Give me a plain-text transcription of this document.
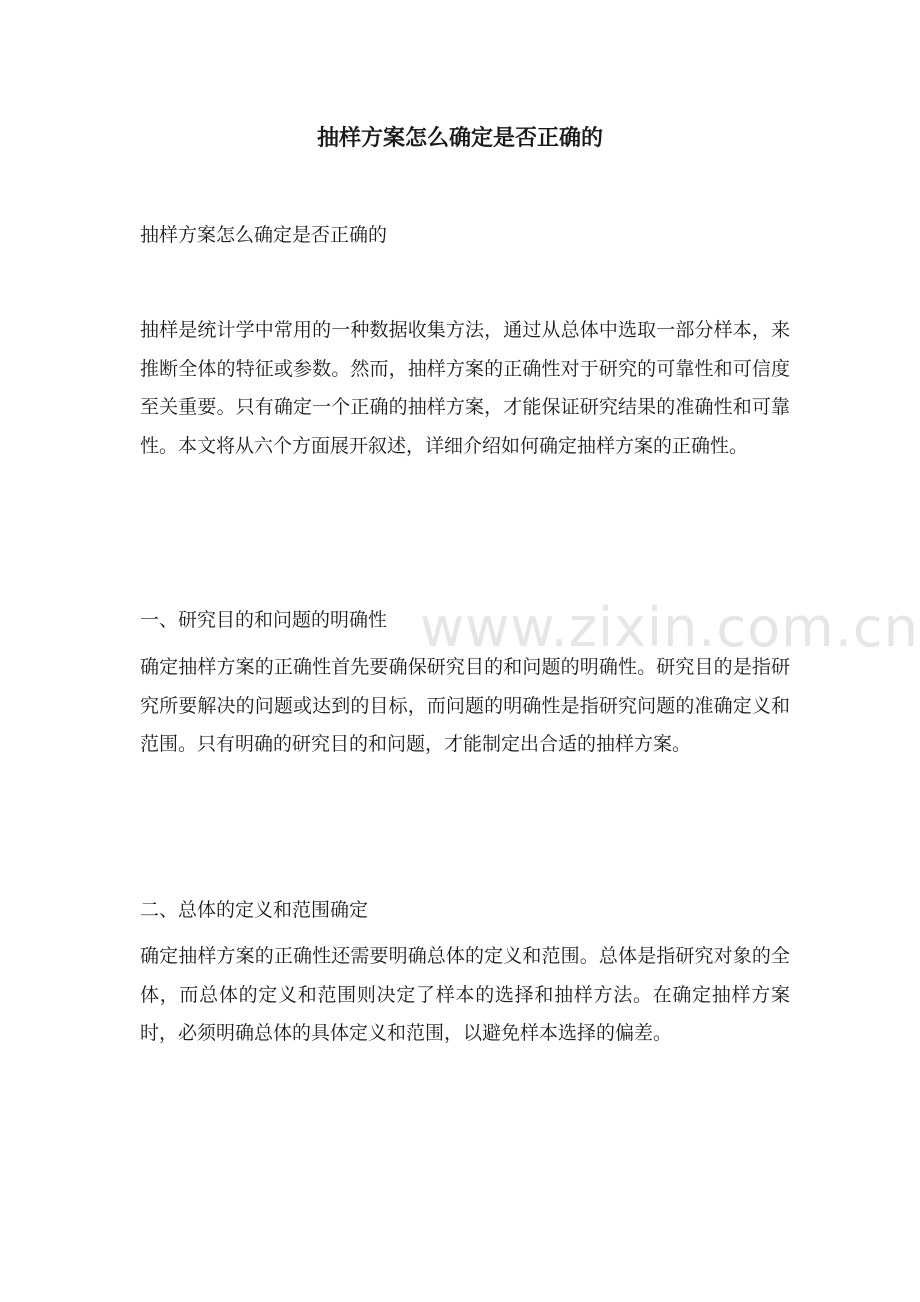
抽样方案怎么确定是否正确的

抽样方案怎么确定是否正确的

抽样是统计学中常用的一种数据收集方法，通过从总体中选取一部分样本，来推断全体的特征或参数。然而，抽样方案的正确性对于研究的可靠性和可信度至关重要。只有确定一个正确的抽样方案，才能保证研究结果的准确性和可靠性。本文将从六个方面展开叙述，详细介绍如何确定抽样方案的正确性。

一、研究目的和问题的明确性

确定抽样方案的正确性首先要确保研究目的和问题的明确性。研究目的是指研究所要解决的问题或达到的目标，而问题的明确性是指研究问题的准确定义和范围。只有明确的研究目的和问题，才能制定出合适的抽样方案。

二、总体的定义和范围确定

确定抽样方案的正确性还需要明确总体的定义和范围。总体是指研究对象的全体，而总体的定义和范围则决定了样本的选择和抽样方法。在确定抽样方案时，必须明确总体的具体定义和范围，以避免样本选择的偏差。

www.zixin.com.cn
